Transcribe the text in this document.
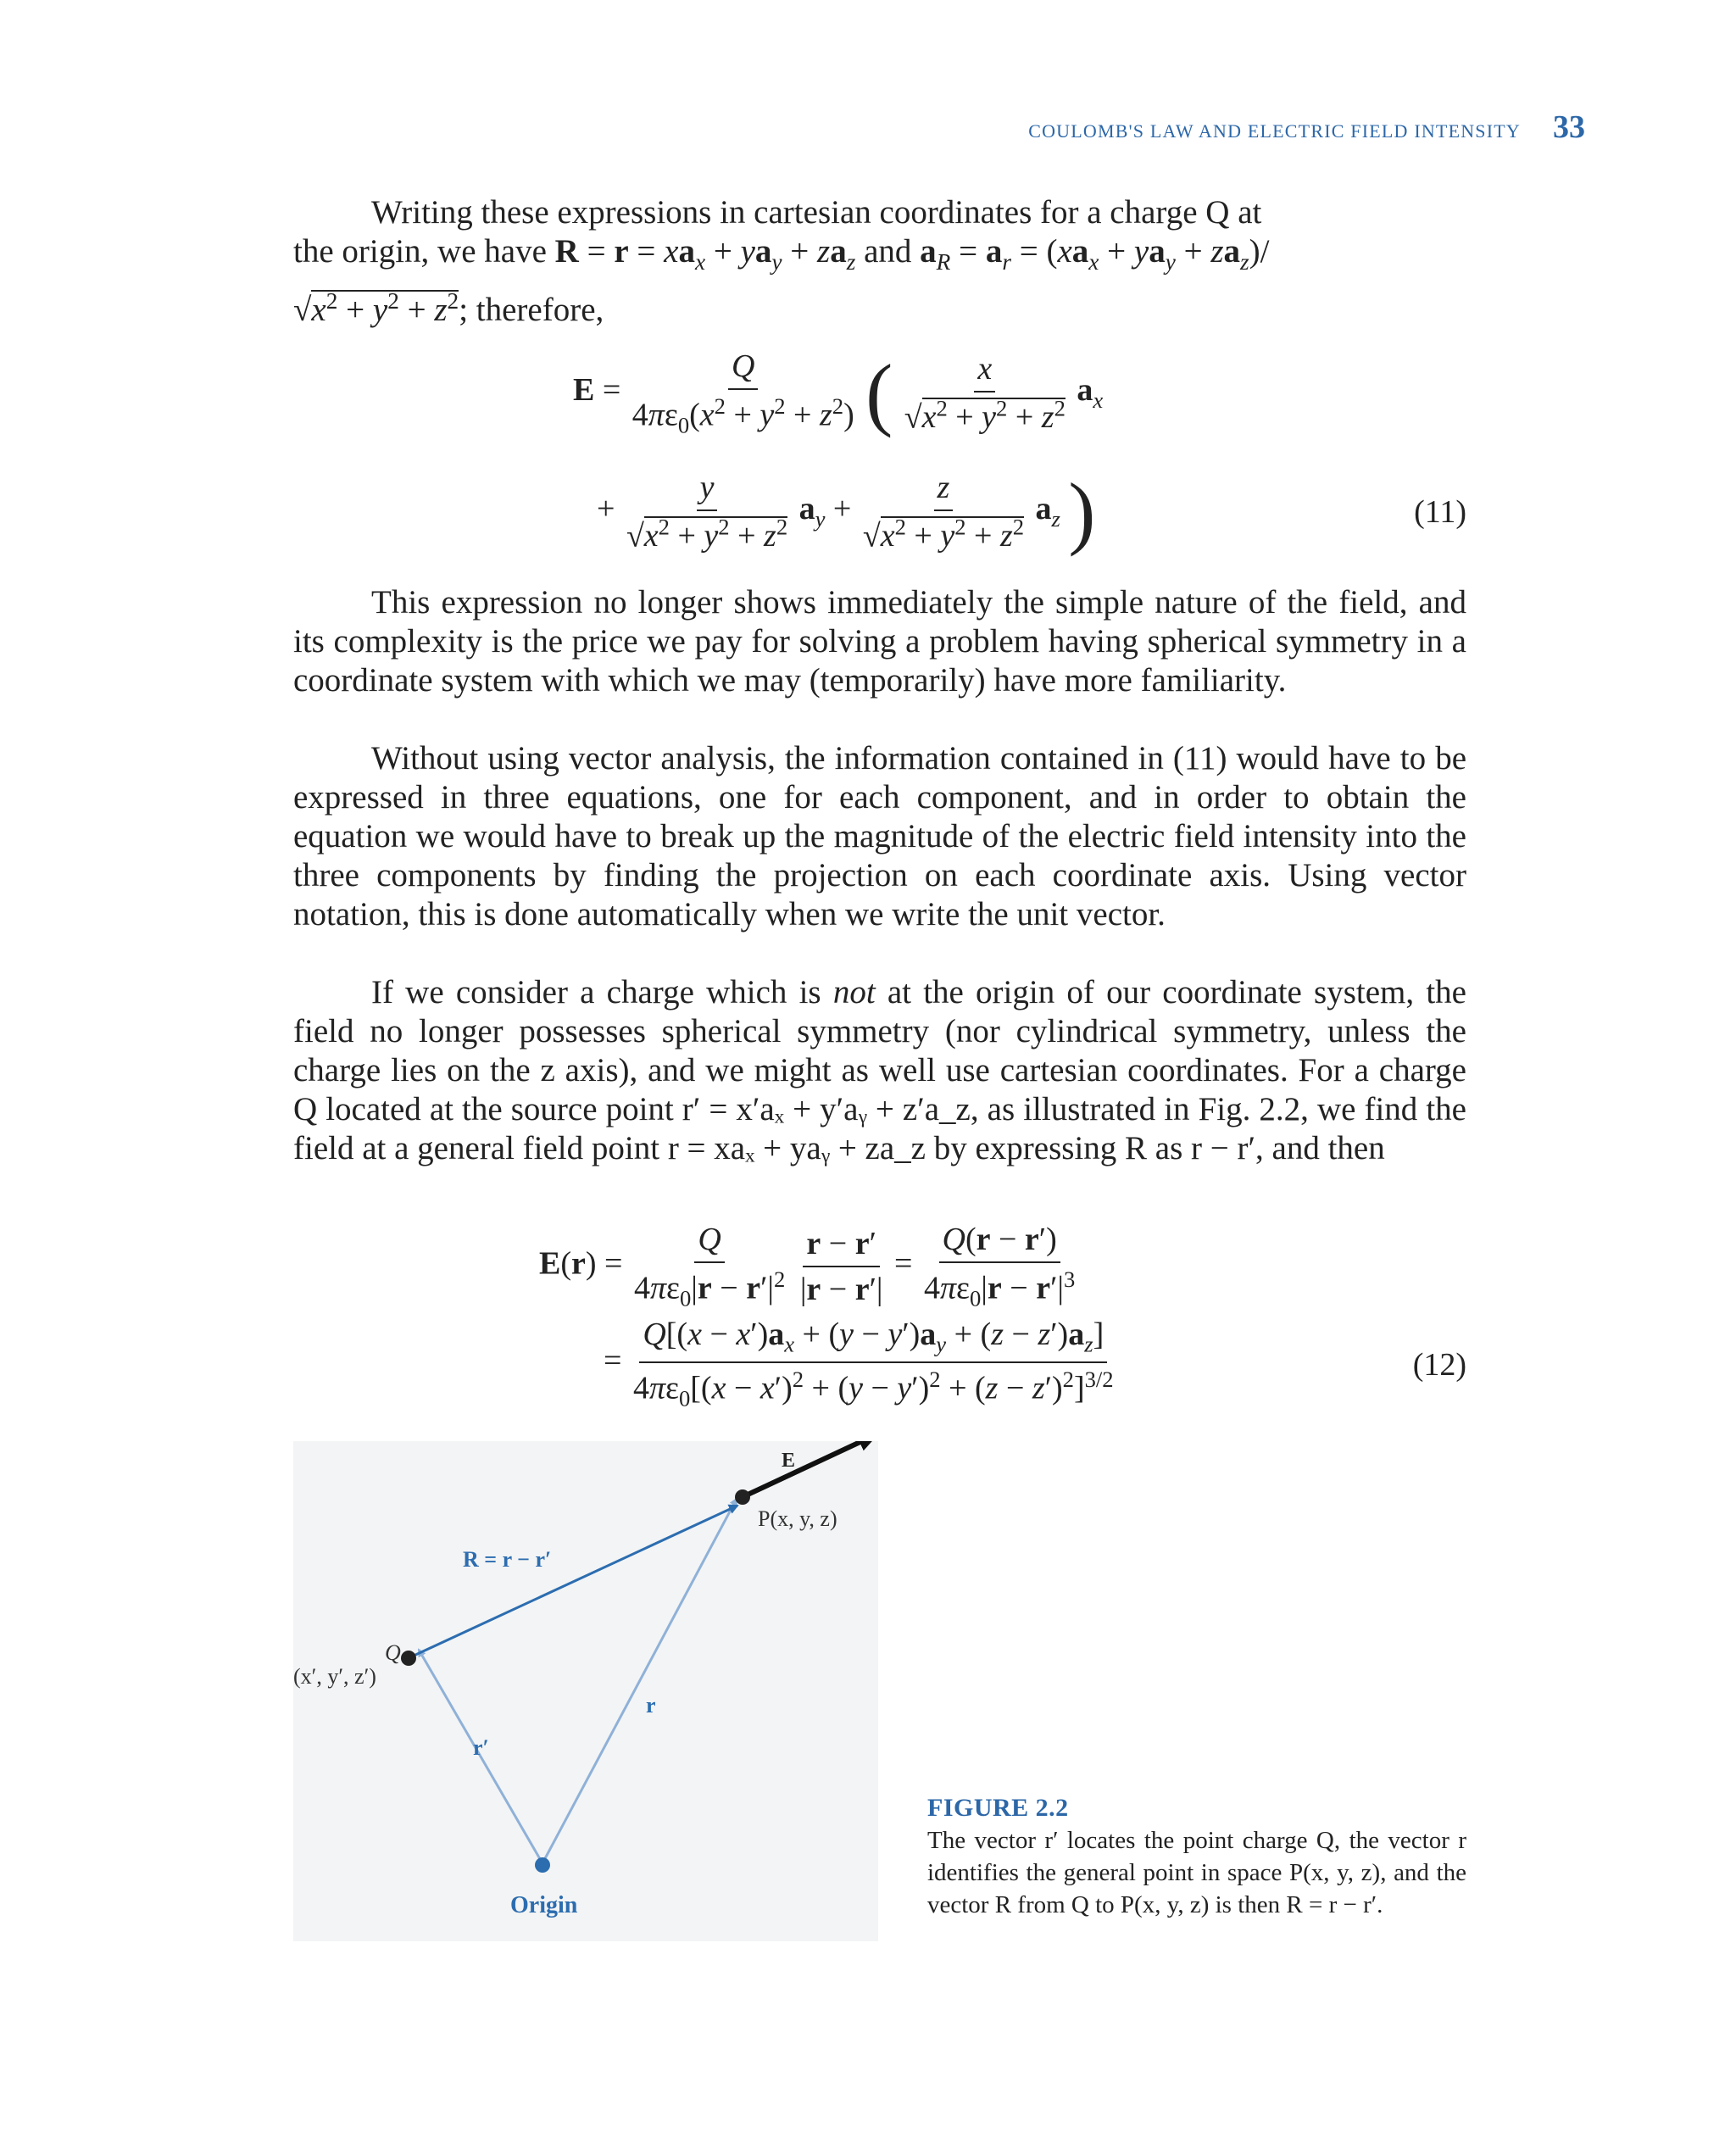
COULOMB'S LAW AND ELECTRIC FIELD INTENSITY 33

Writing these expressions in cartesian coordinates for a charge Q at

the origin, we have $R = r = xa_x + ya_y + za_z$ and $a_R = a_r = (xa_x + ya_y + za_z)/$

$√x^2 + y^2 + z^2$; therefore,

$E = \frac{Q}{4\pi\varepsilon_0(x^2 + y^2 + z^2)}$ ( $\frac{x}{√x^2 + y^2 + z^2} a_x$
+ $\frac{y}{√x^2 + y^2 + z^2} a_y + \frac{z}{√x^2 + y^2 + z^2} a_z$ )	(11)

This expression no longer shows immediately the simple nature of the field, and its complexity is the price we pay for solving a problem having spherical symmetry in a coordinate system with which we may (temporarily) have more familiarity.

Without using vector analysis, the information contained in (11) would have to be expressed in three equations, one for each component, and in order to obtain the equation we would have to break up the magnitude of the electric field intensity into the three components by finding the projection on each coordinate axis. Using vector notation, this is done automatically when we write the unit vector.

If we consider a charge which is not at the origin of our coordinate system, the field no longer possesses spherical symmetry (nor cylindrical symmetry, unless the charge lies on the z axis), and we might as well use cartesian coordinates. For a charge Q located at the source point r′ = x′aₓ + y′aᵧ + z′a_z, as illustrated in Fig. 2.2, we find the field at a general field point r = xaₓ + yaᵧ + za_z by expressing R as r − r′, and then

$E(r) = \frac{Q}{4\pi\varepsilon_0|r - r'|^2}$
$\frac{r - r'}{|r - r'|} = \frac{Q(r - r')}{4\pi\varepsilon_0|r - r'|^3}$
= $\frac{Q[(x - x')a_x + (y - y')a_y + (z - z')a_z]}{4\pi\varepsilon_0[(x - x')^2 + (y - y')^2 + (z - z')^2]^{3/2}}$	(12)
E
P(x, y, z)
R = r − r′
Q
(x′, y′, z′)
r
r′
Origin
FIGURE 2.2
The vector r′ locates the point charge Q, the vector r identifies the general point in space P(x, y, z), and the vector R from Q to P(x, y, z) is then R = r − r′.
